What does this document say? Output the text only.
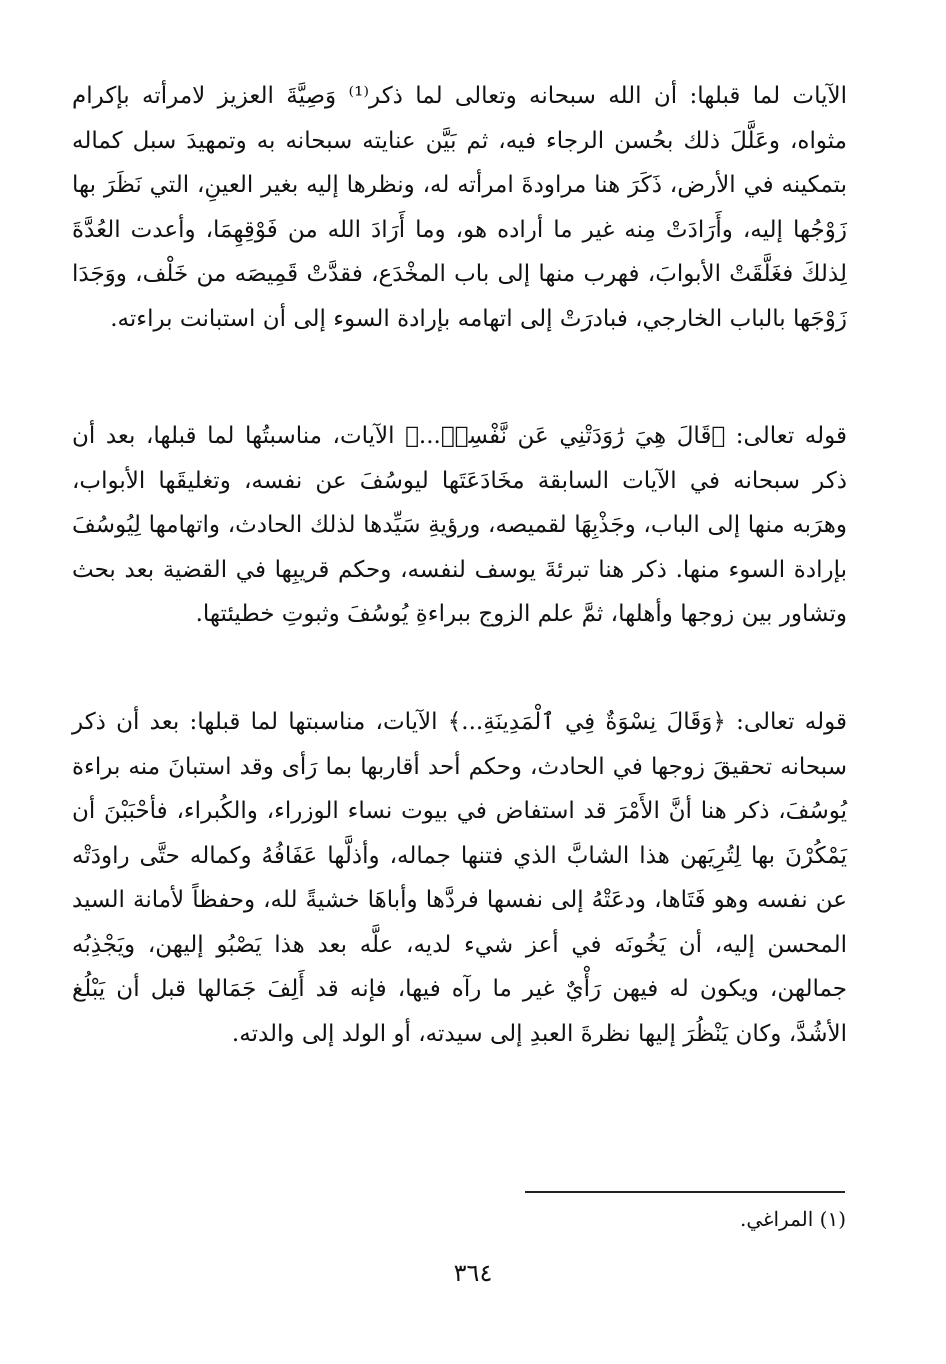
الآيات لما قبلها: أن الله سبحانه وتعالى لما ذكر⁽¹⁾ وَصِيَّةَ العزيز لامرأته بإكرام مثواه، وعَلَّلَ ذلك بحُسن الرجاء فيه، ثم بَيَّن عنايته سبحانه به وتمهيدَ سبل كماله بتمكينه في الأرض، ذَكَرَ هنا مراودةَ امرأته له، ونظرها إليه بغير العينِ، التي نَظَرَ بها زَوْجُها إليه، وأَرَادَتْ مِنه غير ما أراده هو، وما أَرَادَ الله من فَوْقِهِمَا، وأعدت العُدَّةَ لِذلكَ فغَلَّقَتْ الأبوابَ، فهرب منها إلى باب المخْدَع، فقدَّتْ قَمِيصَه من خَلْف، ووَجَدَا زَوْجَها بالباب الخارجي، فبادرَتْ إلى اتهامه بإرادة السوء إلى أن استبانت براءته.

قوله تعالى: ﴿قَالَ هِيَ رَٰوَدَتْنِي عَن نَّفْسِيۚ...﴾ الآيات، مناسبتُها لما قبلها، بعد أن ذكر سبحانه في الآيات السابقة مخَادَعَتَها ليوسُفَ عن نفسه، وتغليقَها الأبواب، وهرَبه منها إلى الباب، وجَذْبِهَا لقميصه، ورؤيةِ سَيِّدها لذلك الحادث، واتهامها لِيُوسُفَ بإرادة السوء منها. ذكر هنا تبرئةَ يوسف لنفسه، وحكم قريبِها في القضية بعد بحث وتشاور بين زوجها وأهلها، ثمَّ علم الزوج ببراءةِ يُوسُفَ وثبوتِ خطيئتها.

قوله تعالى: ﴿وَقَالَ نِسْوَةٌ فِي ٱلْمَدِينَةِ...﴾ الآيات، مناسبتها لما قبلها: بعد أن ذكر سبحانه تحقيقَ زوجها في الحادث، وحكم أحد أقاربها بما رَأى وقد استبانَ منه براءة يُوسُفَ، ذكر هنا أنَّ الأَمْرَ قد استفاض في بيوت نساء الوزراء، والكُبراء، فأحْبَبْنَ أن يَمْكُرْنَ بها لِتُرِيَهن هذا الشابَّ الذي فتنها جماله، وأذلَّها عَفَافُهُ وكماله حتَّى راودَتْه عن نفسه وهو فَتَاها، ودعَتْهُ إلى نفسها فردَّها وأباهَا خشيةً لله، وحفظاً لأمانة السيد المحسن إليه، أن يَخُونَه في أعز شيء لديه، علَّه بعد هذا يَصْبُو إليهن، ويَجْذِبُه جمالهن، ويكون له فيهن رَأْيٌ غير ما رآه فيها، فإنه قد أَلِفَ جَمَالها قبل أن يَبْلُغ الأشُدَّ، وكان يَنْظُرَ إليها نظرةَ العبدِ إلى سيدته، أو الولد إلى والدته.

(١) المراغي.
٣٦٤
